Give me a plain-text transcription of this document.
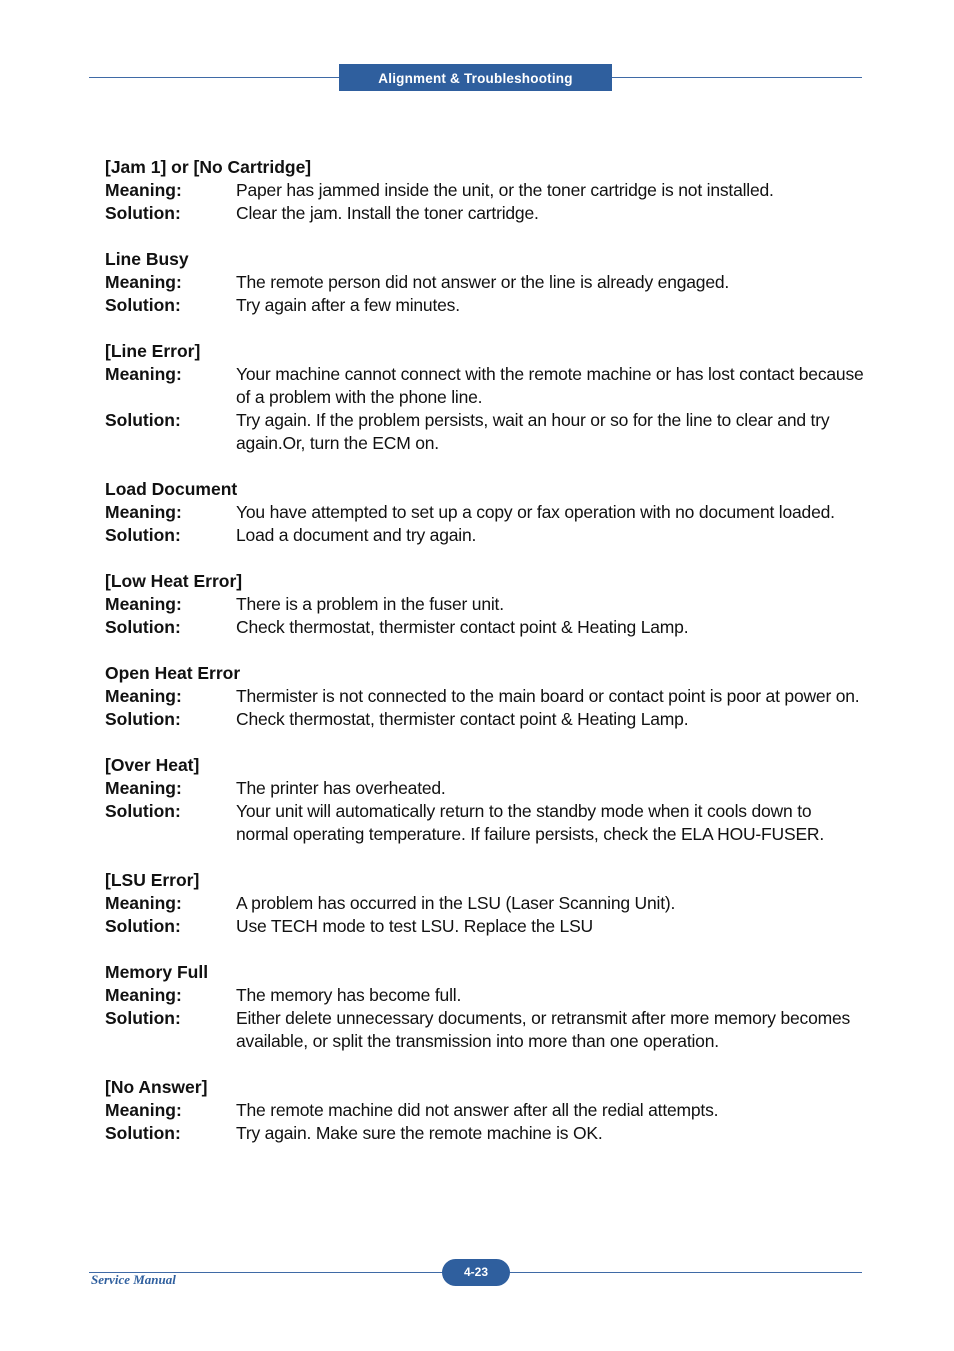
Alignment & Troubleshooting
[Jam 1] or [No Cartridge]
Meaning:	Paper has jammed inside the unit, or the toner cartridge is not installed.
Solution:	Clear the jam. Install the toner cartridge.
Line Busy
Meaning:	The remote person did not answer or the line is already engaged.
Solution:	Try again after a few minutes.
[Line Error]
Meaning:	Your machine cannot connect with the remote machine or has lost contact because of a problem with the phone line.
Solution:	Try again. If the problem persists, wait an hour or so for the line to clear and try again.Or, turn the ECM on.
Load Document
Meaning:	You have attempted to set up a copy or fax operation with no document loaded.
Solution:	Load a document and try again.
[Low Heat Error]
Meaning:	There is a problem in the fuser unit.
Solution:	Check thermostat, thermister contact point & Heating Lamp.
Open Heat Error
Meaning:	Thermister is not connected to the main board or contact point is poor at power on.
Solution:	Check thermostat, thermister contact point & Heating Lamp.
[Over Heat]
Meaning:	The printer has overheated.
Solution:	Your unit will automatically return to the standby mode when it cools down to normal operating temperature. If failure persists, check the ELA HOU-FUSER.
[LSU Error]
Meaning:	A problem has occurred in the LSU (Laser Scanning Unit).
Solution:	Use TECH mode to test LSU. Replace the LSU
Memory Full
Meaning:	The memory has become full.
Solution:	Either delete unnecessary documents, or retransmit after more memory becomes available, or split the transmission into more than one operation.
[No Answer]
Meaning:	The remote machine did not answer after all the redial attempts.
Solution:	Try again. Make sure the remote machine is OK.
Service Manual	4-23
